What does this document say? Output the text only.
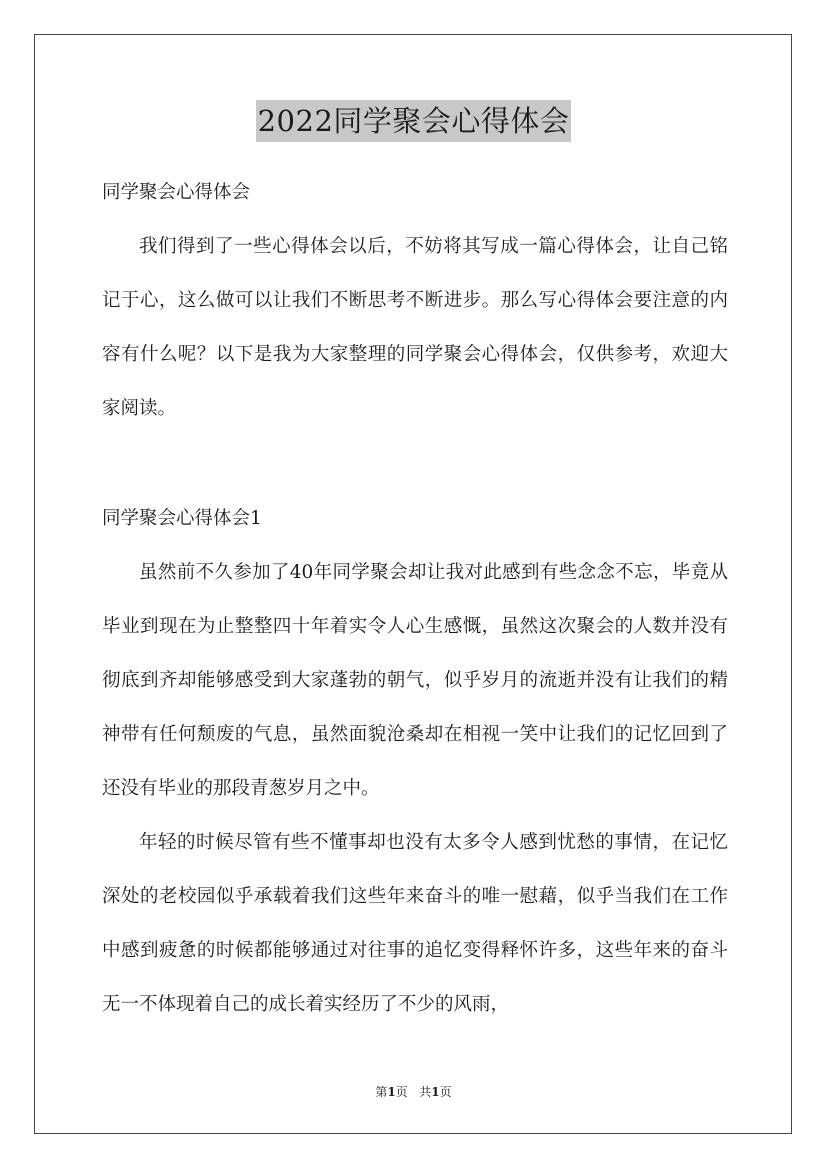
2022同学聚会心得体会
同学聚会心得体会

我们得到了一些心得体会以后，不妨将其写成一篇心得体会，让自己铭记于心，这么做可以让我们不断思考不断进步。那么写心得体会要注意的内容有什么呢？以下是我为大家整理的同学聚会心得体会，仅供参考，欢迎大家阅读。

同学聚会心得体会1

虽然前不久参加了40年同学聚会却让我对此感到有些念念不忘，毕竟从毕业到现在为止整整四十年着实令人心生感慨，虽然这次聚会的人数并没有彻底到齐却能够感受到大家蓬勃的朝气，似乎岁月的流逝并没有让我们的精神带有任何颓废的气息，虽然面貌沧桑却在相视一笑中让我们的记忆回到了还没有毕业的那段青葱岁月之中。

年轻的时候尽管有些不懂事却也没有太多令人感到忧愁的事情，在记忆深处的老校园似乎承载着我们这些年来奋斗的唯一慰藉，似乎当我们在工作中感到疲惫的时候都能够通过对往事的追忆变得释怀许多，这些年来的奋斗无一不体现着自己的成长着实经历了不少的风雨，

第1页 共1页
